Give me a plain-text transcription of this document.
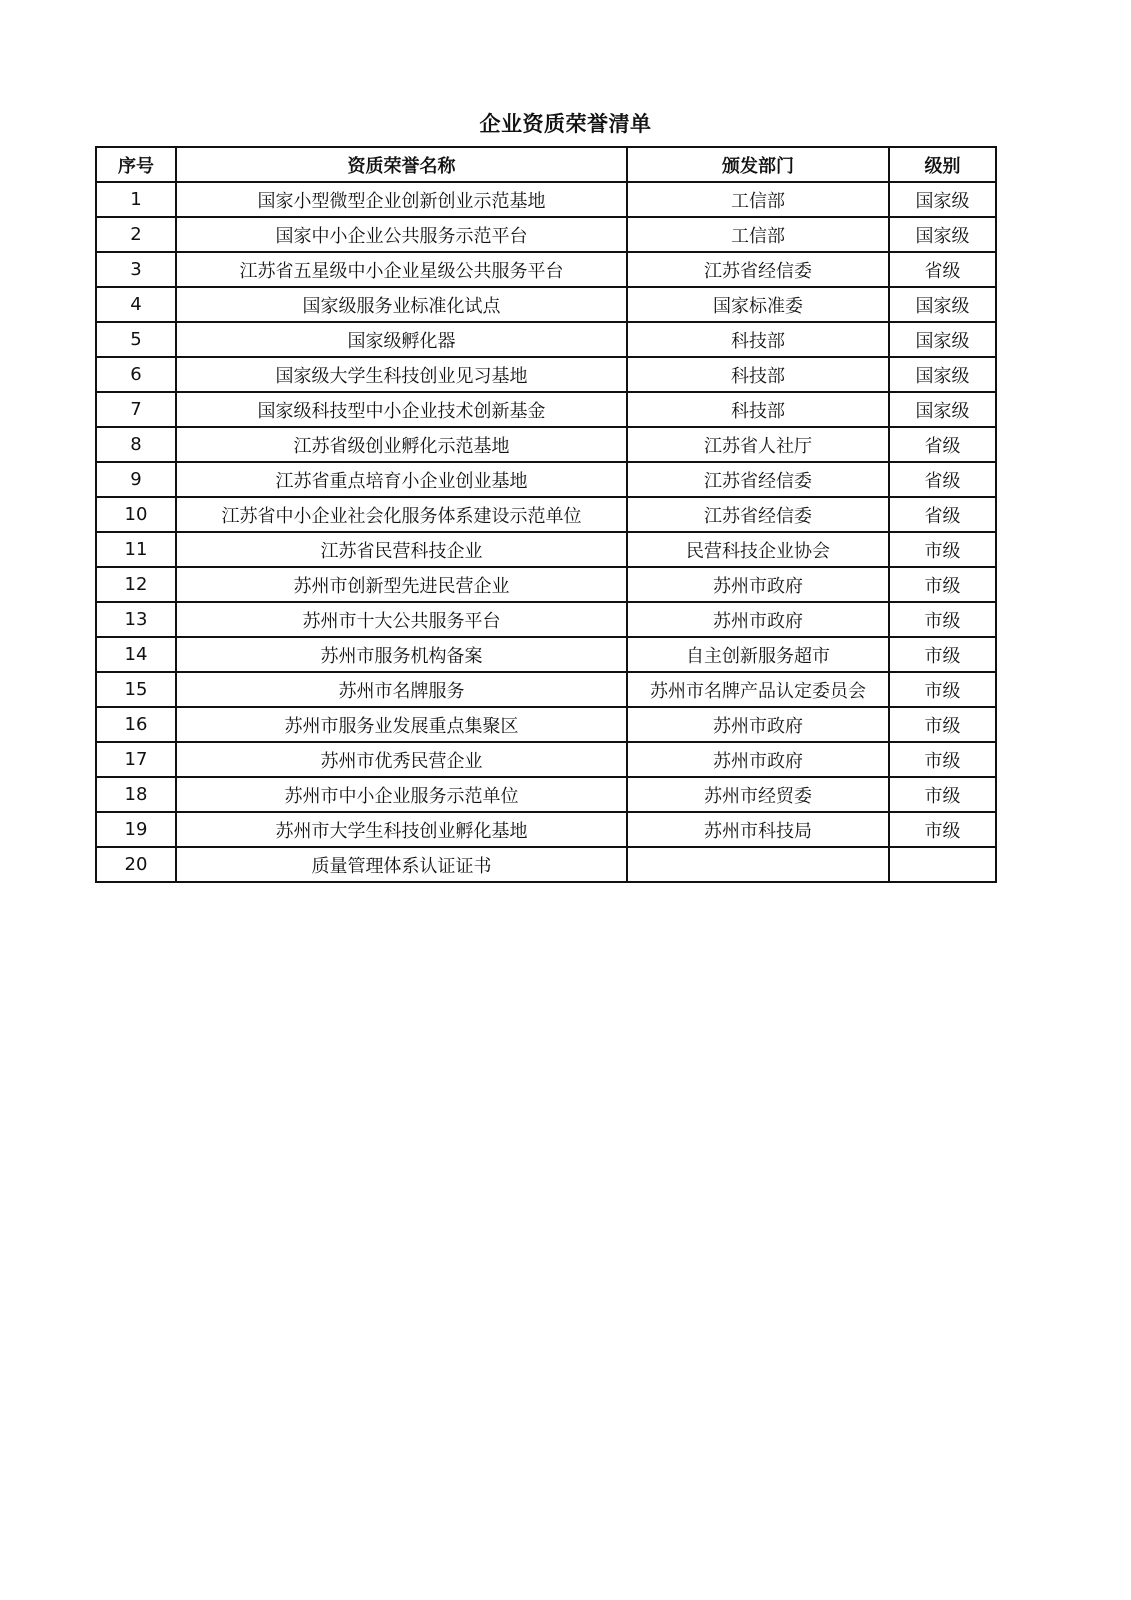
企业资质荣誉清单
序号	资质荣誉名称	颁发部门	级别
1	国家小型微型企业创新创业示范基地	工信部	国家级
2	国家中小企业公共服务示范平台	工信部	国家级
3	江苏省五星级中小企业星级公共服务平台	江苏省经信委	省级
4	国家级服务业标准化试点	国家标准委	国家级
5	国家级孵化器	科技部	国家级
6	国家级大学生科技创业见习基地	科技部	国家级
7	国家级科技型中小企业技术创新基金	科技部	国家级
8	江苏省级创业孵化示范基地	江苏省人社厅	省级
9	江苏省重点培育小企业创业基地	江苏省经信委	省级
10	江苏省中小企业社会化服务体系建设示范单位	江苏省经信委	省级
11	江苏省民营科技企业	民营科技企业协会	市级
12	苏州市创新型先进民营企业	苏州市政府	市级
13	苏州市十大公共服务平台	苏州市政府	市级
14	苏州市服务机构备案	自主创新服务超市	市级
15	苏州市名牌服务	苏州市名牌产品认定委员会	市级
16	苏州市服务业发展重点集聚区	苏州市政府	市级
17	苏州市优秀民营企业	苏州市政府	市级
18	苏州市中小企业服务示范单位	苏州市经贸委	市级
19	苏州市大学生科技创业孵化基地	苏州市科技局	市级
20	质量管理体系认证证书		
